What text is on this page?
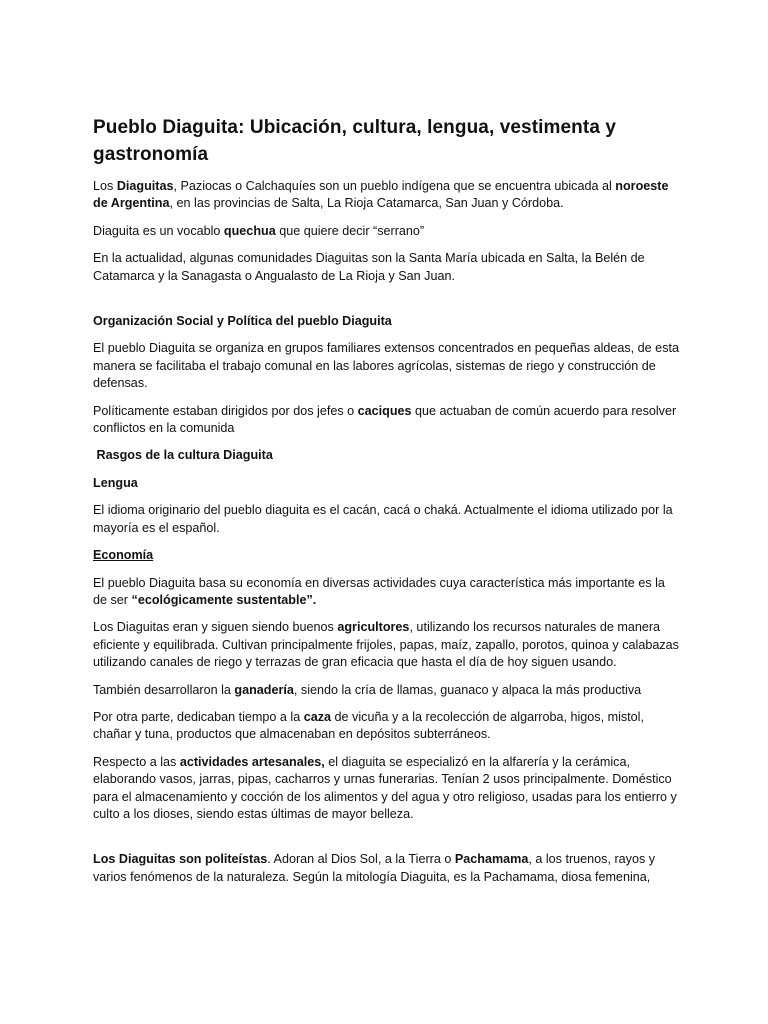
Pueblo Diaguita: Ubicación, cultura, lengua, vestimenta y gastronomía

Los Diaguitas, Paziocas o Calchaquíes son un pueblo indígena que se encuentra ubicada al noroeste de Argentina, en las provincias de Salta, La Rioja Catamarca, San Juan y Córdoba.

Diaguita es un vocablo quechua que quiere decir “serrano”

En la actualidad, algunas comunidades Diaguitas son la Santa María ubicada en Salta, la Belén de Catamarca y la Sanagasta o Angualasto de La Rioja y San Juan.

Organización Social y Política del pueblo Diaguita

El pueblo Diaguita se organiza en grupos familiares extensos concentrados en pequeñas aldeas, de esta manera se facilitaba el trabajo comunal en las labores agrícolas, sistemas de riego y construcción de defensas.

Políticamente estaban dirigidos por dos jefes o caciques que actuaban de común acuerdo para resolver conflictos en la comunida

Rasgos de la cultura Diaguita

Lengua

El idioma originario del pueblo diaguita es el cacán, cacá o chaká. Actualmente el idioma utilizado por la mayoría es el español.

Economía

El pueblo Diaguita basa su economía en diversas actividades cuya característica más importante es la de ser “ecológicamente sustentable”.

Los Diaguitas eran y siguen siendo buenos agricultores, utilizando los recursos naturales de manera eficiente y equilibrada. Cultivan principalmente frijoles, papas, maíz, zapallo, porotos, quinoa y calabazas utilizando canales de riego y terrazas de gran eficacia que hasta el día de hoy siguen usando.

También desarrollaron la ganadería, siendo la cría de llamas, guanaco y alpaca la más productiva

Por otra parte, dedicaban tiempo a la caza de vicuña y a la recolección de algarroba, higos, mistol, chañar y tuna, productos que almacenaban en depósitos subterráneos.

Respecto a las actividades artesanales, el diaguita se especializó en la alfarería y la cerámica, elaborando vasos, jarras, pipas, cacharros y urnas funerarias. Tenían 2 usos principalmente. Doméstico para el almacenamiento y cocción de los alimentos y del agua y otro religioso, usadas para los entierro y culto a los dioses, siendo estas últimas de mayor belleza.

Los Diaguitas son politeístas. Adoran al Dios Sol, a la Tierra o Pachamama, a los truenos, rayos y varios fenómenos de la naturaleza. Según la mitología Diaguita, es la Pachamama, diosa femenina,
